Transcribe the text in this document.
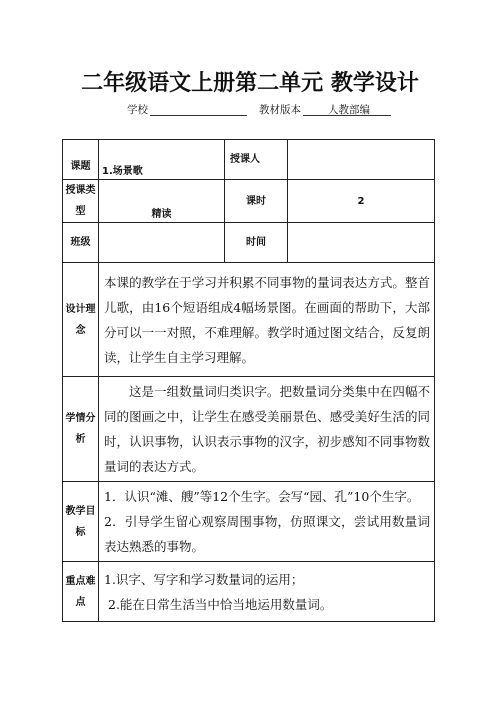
二年级语文上册第二单元 教学设计
学校	教材版本	人教部编
课题	1.场景歌	授课人	
授课类型	精读	课时	2
班级		时间	
设计理念	本课的教学在于学习并积累不同事物的量词表达方式。整首儿歌，由16个短语组成4幅场景图。在画面的帮助下，大部分可以一一对照，不难理解。教学时通过图文结合，反复朗读，让学生自主学习理解。		
学情分析	这是一组数量词归类识字。把数量词分类集中在四幅不同的图画之中，让学生在感受美丽景色、感受美好生活的同时，认识事物，认识表示事物的汉字，初步感知不同事物数量词的表达方式。		
教学目标	1．认识“滩、艘”等12个生字。会写“园、孔”10个生字。

2．引导学生留心观察周围事物，仿照课文，尝试用数量词表达熟悉的事物。		

重点难点	1.识字、写字和学习数量词的运用；

2.能在日常生活当中恰当地运用数量词。		
